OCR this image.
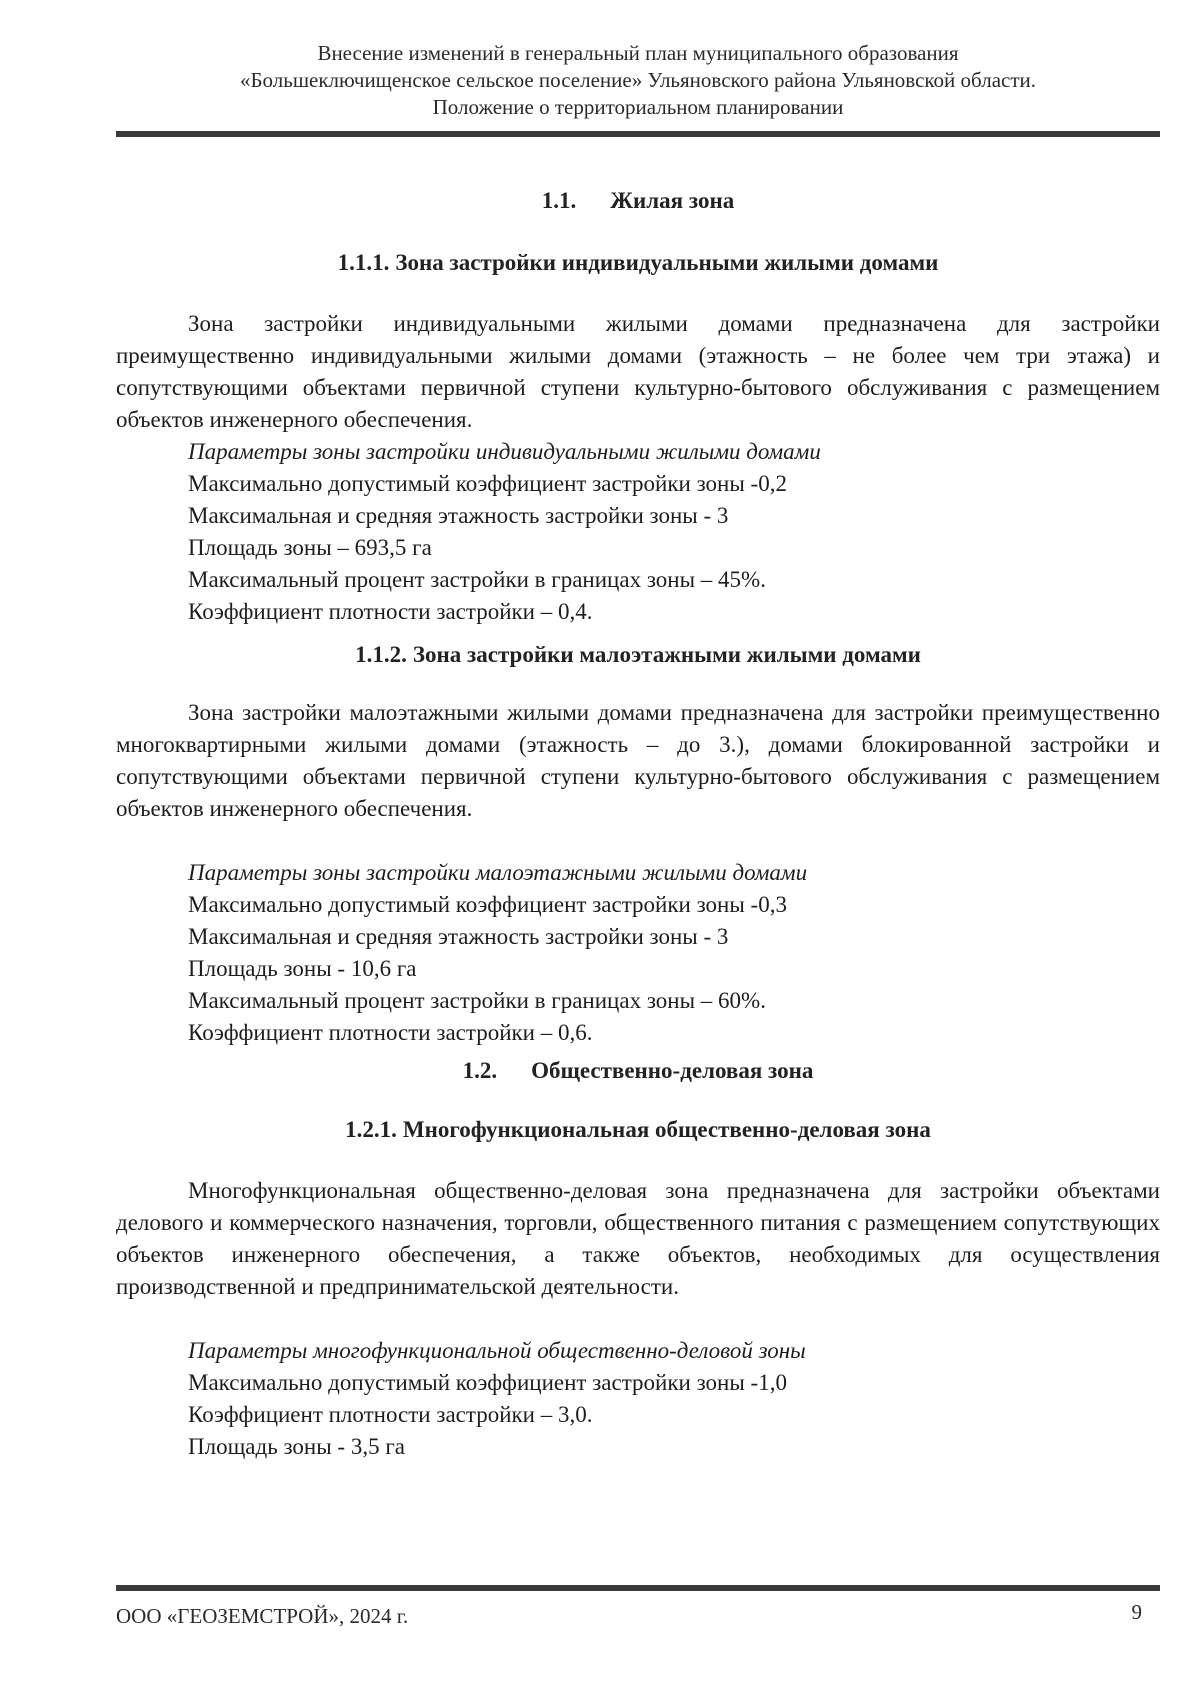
Внесение изменений в генеральный план муниципального образования
«Большеключищенское сельское поселение» Ульяновского района Ульяновской области.
Положение о территориальном планировании
1.1. Жилая зона
1.1.1. Зона застройки индивидуальными жилыми домами

Зона застройки индивидуальными жилыми домами предназначена для застройки преимущественно индивидуальными жилыми домами (этажность – не более чем три этажа) и сопутствующими объектами первичной ступени культурно-бытового обслуживания с размещением объектов инженерного обеспечения.

Параметры зоны застройки индивидуальными жилыми домами
Максимально допустимый коэффициент застройки зоны -0,2
Максимальная и средняя этажность застройки зоны - 3
Площадь зоны – 693,5 га
Максимальный процент застройки в границах зоны – 45%.
Коэффициент плотности застройки – 0,4.
1.1.2. Зона застройки малоэтажными жилыми домами

Зона застройки малоэтажными жилыми домами предназначена для застройки преимущественно многоквартирными жилыми домами (этажность – до 3.), домами блокированной застройки и сопутствующими объектами первичной ступени культурно-бытового обслуживания с размещением объектов инженерного обеспечения.

Параметры зоны застройки малоэтажными жилыми домами
Максимально допустимый коэффициент застройки зоны -0,3
Максимальная и средняя этажность застройки зоны - 3
Площадь зоны - 10,6 га
Максимальный процент застройки в границах зоны – 60%.
Коэффициент плотности застройки – 0,6.
1.2. Общественно-деловая зона
1.2.1. Многофункциональная общественно-деловая зона

Многофункциональная общественно-деловая зона предназначена для застройки объектами делового и коммерческого назначения, торговли, общественного питания с размещением сопутствующих объектов инженерного обеспечения, а также объектов, необходимых для осуществления производственной и предпринимательской деятельности.

Параметры многофункциональной общественно-деловой зоны
Максимально допустимый коэффициент застройки зоны -1,0
Коэффициент плотности застройки – 3,0.
Площадь зоны - 3,5 га
ООО «ГЕОЗЕМСТРОЙ», 2024 г.	9
